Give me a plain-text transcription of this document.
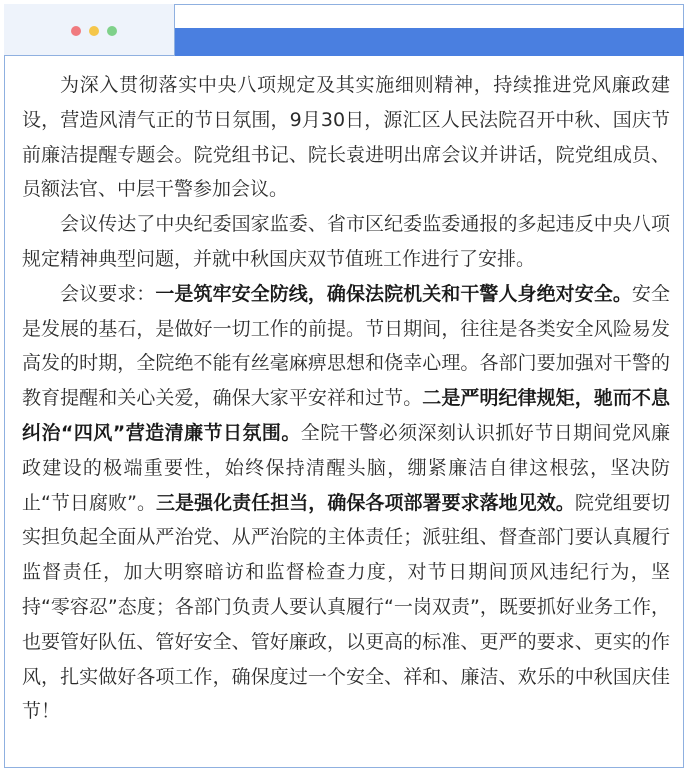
为深入贯彻落实中央八项规定及其实施细则精神，持续推进党风廉政建设，营造风清气正的节日氛围，9月30日，源汇区人民法院召开中秋、国庆节前廉洁提醒专题会。院党组书记、院长袁进明出席会议并讲话，院党组成员、员额法官、中层干警参加会议。

会议传达了中央纪委国家监委、省市区纪委监委通报的多起违反中央八项规定精神典型问题，并就中秋国庆双节值班工作进行了安排。

会议要求：一是筑牢安全防线，确保法院机关和干警人身绝对安全。安全是发展的基石，是做好一切工作的前提。节日期间，往往是各类安全风险易发高发的时期，全院绝不能有丝毫麻痹思想和侥幸心理。各部门要加强对干警的教育提醒和关心关爱，确保大家平安祥和过节。二是严明纪律规矩，驰而不息纠治“四风”营造清廉节日氛围。全院干警必须深刻认识抓好节日期间党风廉政建设的极端重要性，始终保持清醒头脑，绷紧廉洁自律这根弦，坚决防止“节日腐败”。三是强化责任担当，确保各项部署要求落地见效。院党组要切实担负起全面从严治党、从严治院的主体责任；派驻组、督查部门要认真履行监督责任，加大明察暗访和监督检查力度，对节日期间顶风违纪行为，坚持“零容忍”态度；各部门负责人要认真履行“一岗双责”，既要抓好业务工作，也要管好队伍、管好安全、管好廉政，以更高的标准、更严的要求、更实的作风，扎实做好各项工作，确保度过一个安全、祥和、廉洁、欢乐的中秋国庆佳节！
